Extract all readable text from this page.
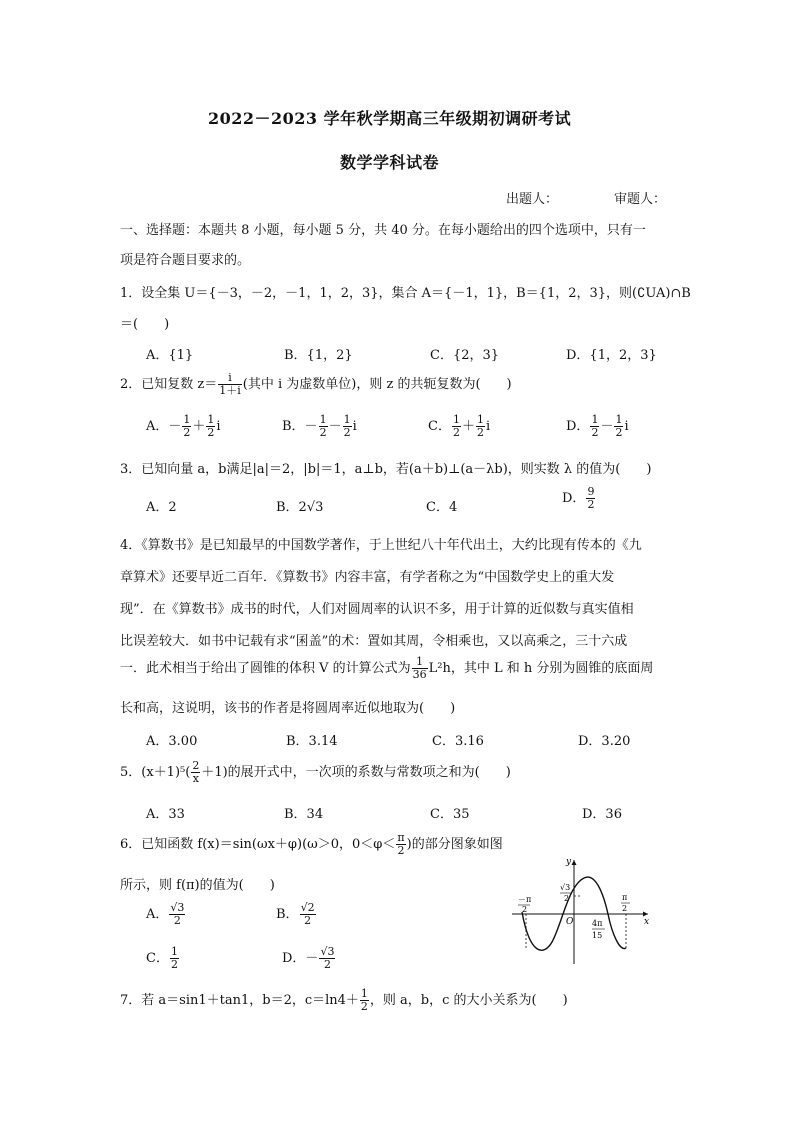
2022－2023 学年秋学期高三年级期初调研考试
数学学科试卷
出题人：	审题人：
一、选择题：本题共 8 小题，每小题 5 分，共 40 分。在每小题给出的四个选项中，只有一
项是符合题目要求的。
1．设全集 U＝{－3，－2，－1，1，2，3}，集合 A＝{－1，1}，B＝{1，2，3}，则(∁UA)∩B
＝(　　)
A．{1}	B．{1，2}	C．{2，3}	D．{1，2，3}
2．已知复数 $z= \frac{i}{1+i}$ (其中 i 为虚数单位)，则 z 的共轭复数为(　　)
A．－ $\frac{1}{2} + \frac{1}{2}$ i	B．－ $\frac{1}{2} - \frac{1}{2}$ i	C． $\frac{1}{2} + \frac{1}{2}$ i	D． $\frac{1}{2} - \frac{1}{2}$ i
3．已知向量 a，b满足|a|＝2，|b|＝1，a⊥b，若(a＋b)⊥(a－λb)，则实数 λ 的值为(　　)
A．2	B．2√3	C．4
D． $\frac{9}{2}$
4．《算数书》是已知最早的中国数学著作，于上世纪八十年代出土，大约比现有传本的《九
章算术》还要早近二百年．《算数书》内容丰富，有学者称之为“中国数学史上的重大发
现”．在《算数书》成书的时代，人们对圆周率的认识不多，用于计算的近似数与真实值相
比误差较大．如书中记载有求“囷盖”的术：置如其周，令相乘也，又以高乘之，三十六成
一．此术相当于给出了圆锥的体积 V 的计算公式为 $\frac{1}{36} L^2h$，其中 L 和 h 分别为圆锥的底面周
长和高，这说明，该书的作者是将圆周率近似地取为(　　)
A．3.00	B．3.14	C．3.16	D．3.20
5．$(x+1)^5( \frac{2}{x} +1)$的展开式中，一次项的系数与常数项之和为(　　)
A．33	B．34	C．35	D．36
6．已知函数 f(x)＝sin(ωx＋φ)(ω＞0，$0<\varphi< \frac{\pi}{2}$ )的部分图象如图
所示，则 f(π)的值为(　　)
A． $\frac{√3}{2}$	B． $\frac{√2}{2}$
C． $\frac{1}{2}$	D．－ $\frac{√3}{2}$
－π
2
y
x
O
√3
2
4π
15
π
2
7．若 a＝sin1＋tan1，b＝2，$c=\ln 4+ \frac{1}{2}$ ，则 a，b，c 的大小关系为(　　)
